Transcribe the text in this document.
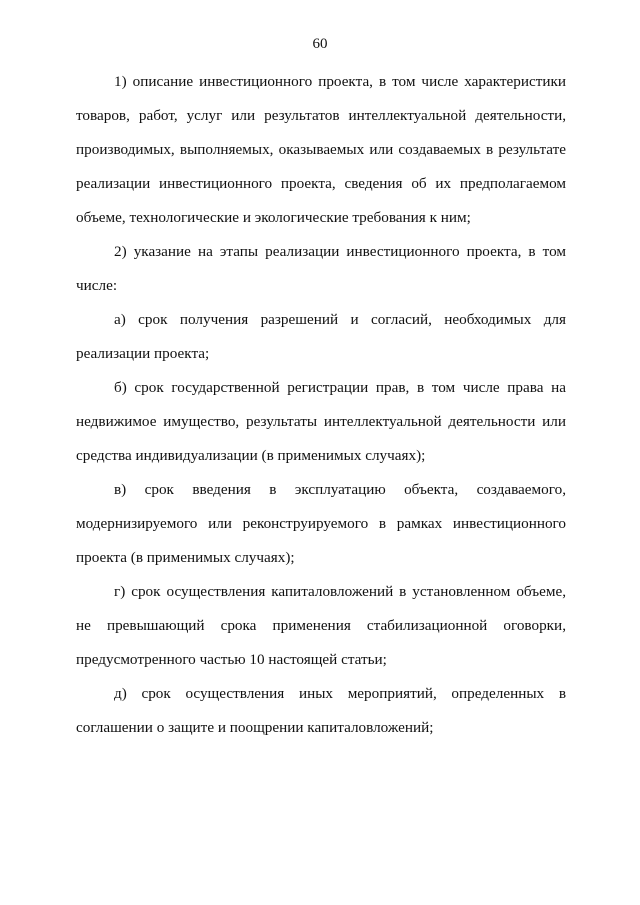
60

1) описание инвестиционного проекта, в том числе характеристики товаров, работ, услуг или результатов интеллектуальной деятельности, производимых, выполняемых, оказываемых или создаваемых в результате реализации инвестиционного проекта, сведения об их предполагаемом объеме, технологические и экологические требования к ним;

2) указание на этапы реализации инвестиционного проекта, в том числе:

а) срок получения разрешений и согласий, необходимых для реализации проекта;

б) срок государственной регистрации прав, в том числе права на недвижимое имущество, результаты интеллектуальной деятельности или средства индивидуализации (в применимых случаях);

в) срок введения в эксплуатацию объекта, создаваемого, модернизируемого или реконструируемого в рамках инвестиционного проекта (в применимых случаях);

г) срок осуществления капиталовложений в установленном объеме, не превышающий срока применения стабилизационной оговорки, предусмотренного частью 10 настоящей статьи;

д) срок осуществления иных мероприятий, определенных в соглашении о защите и поощрении капиталовложений;
